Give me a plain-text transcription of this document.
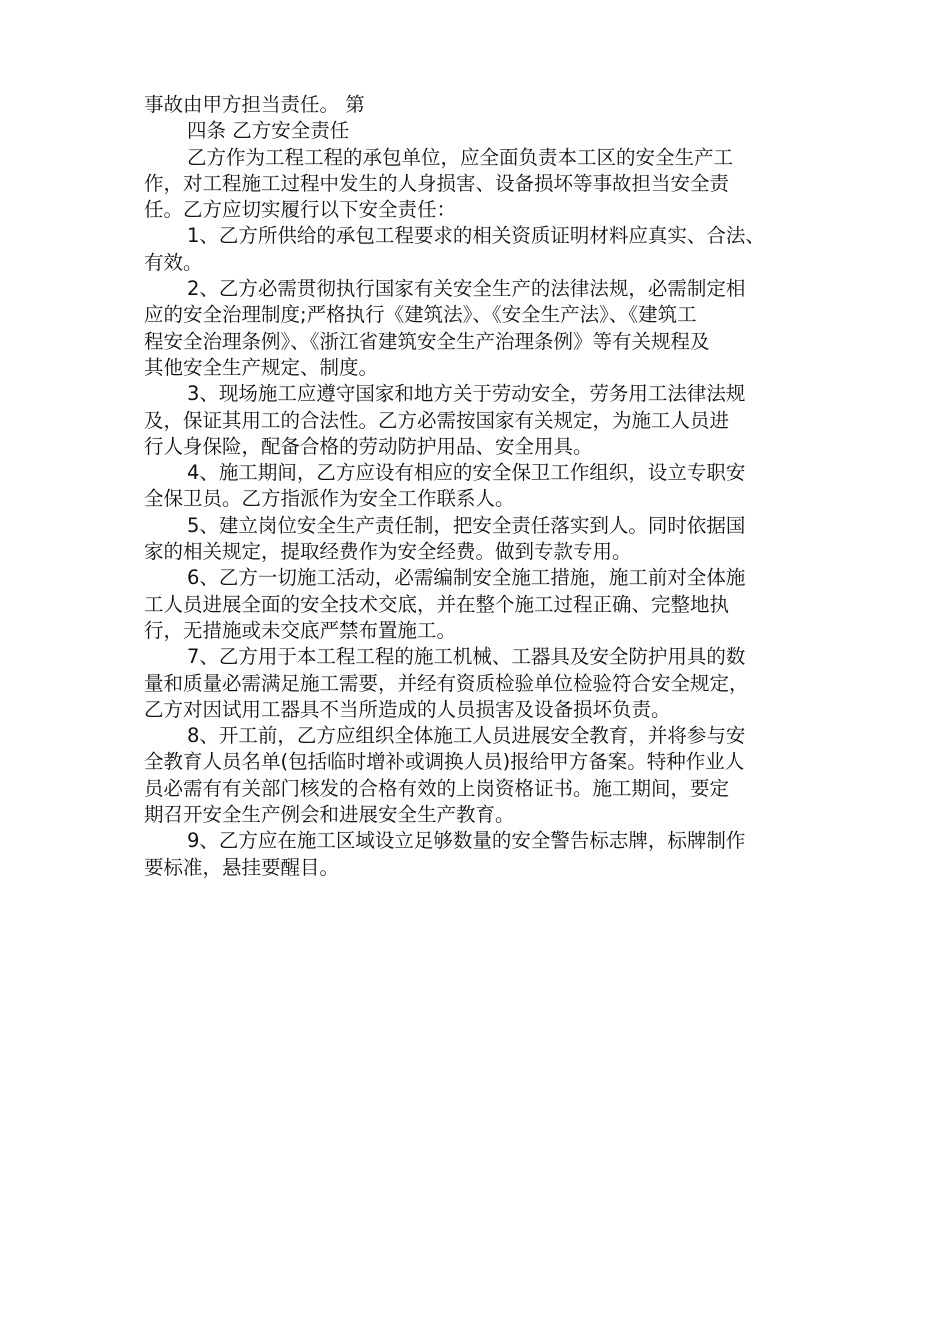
事故由甲方担当责任。 第
四条 乙方安全责任
乙方作为工程工程的承包单位，应全面负责本工区的安全生产工
作，对工程施工过程中发生的人身损害、设备损坏等事故担当安全责
任。乙方应切实履行以下安全责任：
1、乙方所供给的承包工程要求的相关资质证明材料应真实、合法、
有效。
2、乙方必需贯彻执行国家有关安全生产的法律法规，必需制定相
应的安全治理制度;严格执行《建筑法》、《安全生产法》、《建筑工
程安全治理条例》、《浙江省建筑安全生产治理条例》等有关规程及
其他安全生产规定、制度。
3、现场施工应遵守国家和地方关于劳动安全，劳务用工法律法规
及，保证其用工的合法性。乙方必需按国家有关规定，为施工人员进
行人身保险，配备合格的劳动防护用品、安全用具。
4、施工期间，乙方应设有相应的安全保卫工作组织，设立专职安
全保卫员。乙方指派作为安全工作联系人。
5、建立岗位安全生产责任制，把安全责任落实到人。同时依据国
家的相关规定，提取经费作为安全经费。做到专款专用。
6、乙方一切施工活动，必需编制安全施工措施，施工前对全体施
工人员进展全面的安全技术交底，并在整个施工过程正确、完整地执
行，无措施或未交底严禁布置施工。
7、乙方用于本工程工程的施工机械、工器具及安全防护用具的数
量和质量必需满足施工需要，并经有资质检验单位检验符合安全规定，
乙方对因试用工器具不当所造成的人员损害及设备损坏负责。
8、开工前，乙方应组织全体施工人员进展安全教育，并将参与安
全教育人员名单(包括临时增补或调换人员)报给甲方备案。特种作业人
员必需有有关部门核发的合格有效的上岗资格证书。施工期间，要定
期召开安全生产例会和进展安全生产教育。
9、乙方应在施工区域设立足够数量的安全警告标志牌，标牌制作
要标准，悬挂要醒目。
